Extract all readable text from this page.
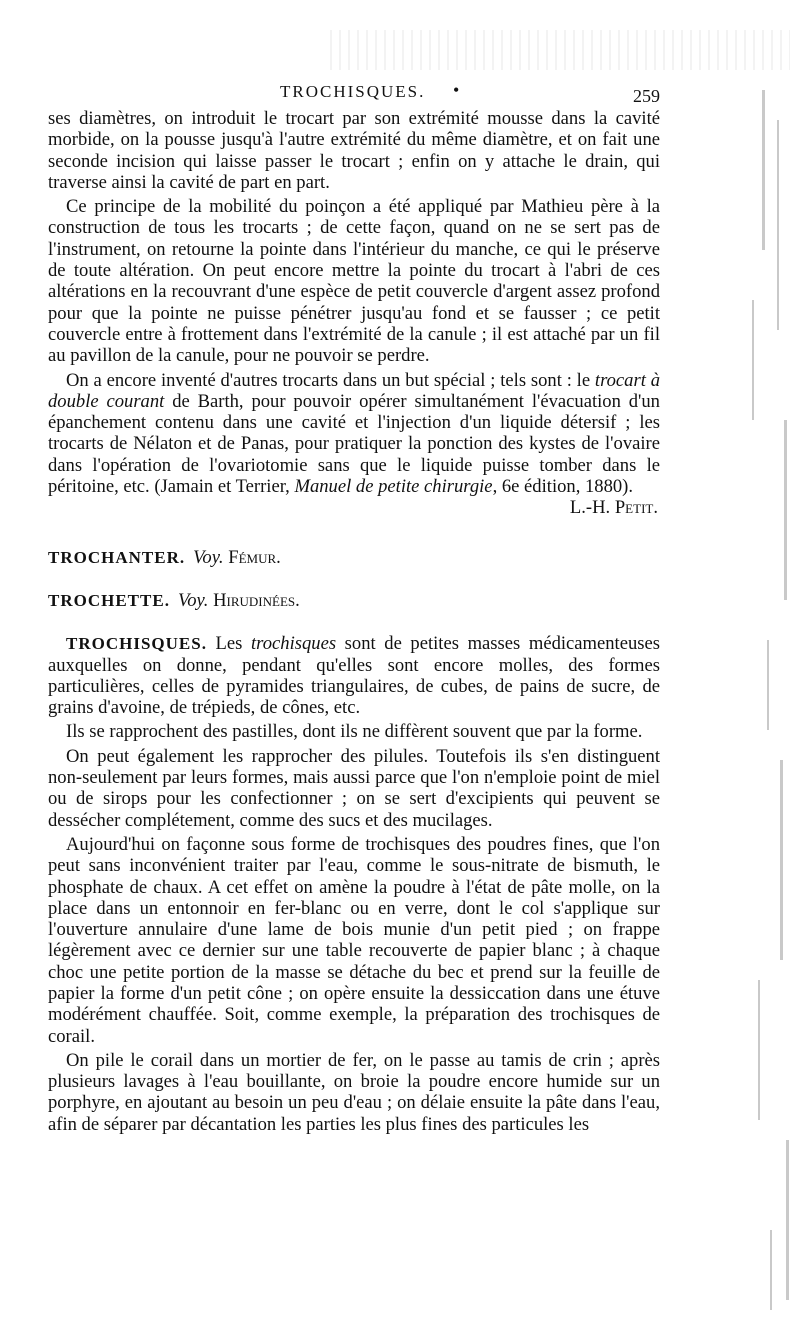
TROCHISQUES. •	259

ses diamètres, on introduit le trocart par son extrémité mousse dans la cavité morbide, on la pousse jusqu'à l'autre extrémité du même diamètre, et on fait une seconde incision qui laisse passer le trocart ; enfin on y attache le drain, qui traverse ainsi la cavité de part en part.

Ce principe de la mobilité du poinçon a été appliqué par Mathieu père à la construction de tous les trocarts ; de cette façon, quand on ne se sert pas de l'instrument, on retourne la pointe dans l'intérieur du manche, ce qui le préserve de toute altération. On peut encore mettre la pointe du trocart à l'abri de ces altérations en la recouvrant d'une espèce de petit couvercle d'argent assez profond pour que la pointe ne puisse pénétrer jusqu'au fond et se fausser ; ce petit couvercle entre à frottement dans l'extrémité de la canule ; il est attaché par un fil au pavillon de la canule, pour ne pouvoir se perdre.

On a encore inventé d'autres trocarts dans un but spécial ; tels sont : le trocart à double courant de Barth, pour pouvoir opérer simultanément l'évacuation d'un épanchement contenu dans une cavité et l'injection d'un liquide détersif ; les trocarts de Nélaton et de Panas, pour pratiquer la ponction des kystes de l'ovaire dans l'opération de l'ovariotomie sans que le liquide puisse tomber dans le péritoine, etc. (Jamain et Terrier, Manuel de petite chirurgie, 6e édition, 1880).

L.-H. Petit.

TROCHANTER. Voy. Fémur.

TROCHETTE. Voy. Hirudinées.

TROCHISQUES. Les trochisques sont de petites masses médicamenteuses auxquelles on donne, pendant qu'elles sont encore molles, des formes particulières, celles de pyramides triangulaires, de cubes, de pains de sucre, de grains d'avoine, de trépieds, de cônes, etc.

Ils se rapprochent des pastilles, dont ils ne diffèrent souvent que par la forme.

On peut également les rapprocher des pilules. Toutefois ils s'en distinguent non-seulement par leurs formes, mais aussi parce que l'on n'emploie point de miel ou de sirops pour les confectionner ; on se sert d'excipients qui peuvent se dessécher complétement, comme des sucs et des mucilages.

Aujourd'hui on façonne sous forme de trochisques des poudres fines, que l'on peut sans inconvénient traiter par l'eau, comme le sous-nitrate de bismuth, le phosphate de chaux. A cet effet on amène la poudre à l'état de pâte molle, on la place dans un entonnoir en fer-blanc ou en verre, dont le col s'applique sur l'ouverture annulaire d'une lame de bois munie d'un petit pied ; on frappe légèrement avec ce dernier sur une table recouverte de papier blanc ; à chaque choc une petite portion de la masse se détache du bec et prend sur la feuille de papier la forme d'un petit cône ; on opère ensuite la dessiccation dans une étuve modérément chauffée. Soit, comme exemple, la préparation des trochisques de corail.

On pile le corail dans un mortier de fer, on le passe au tamis de crin ; après plusieurs lavages à l'eau bouillante, on broie la poudre encore humide sur un porphyre, en ajoutant au besoin un peu d'eau ; on délaie ensuite la pâte dans l'eau, afin de séparer par décantation les parties les plus fines des particules les
